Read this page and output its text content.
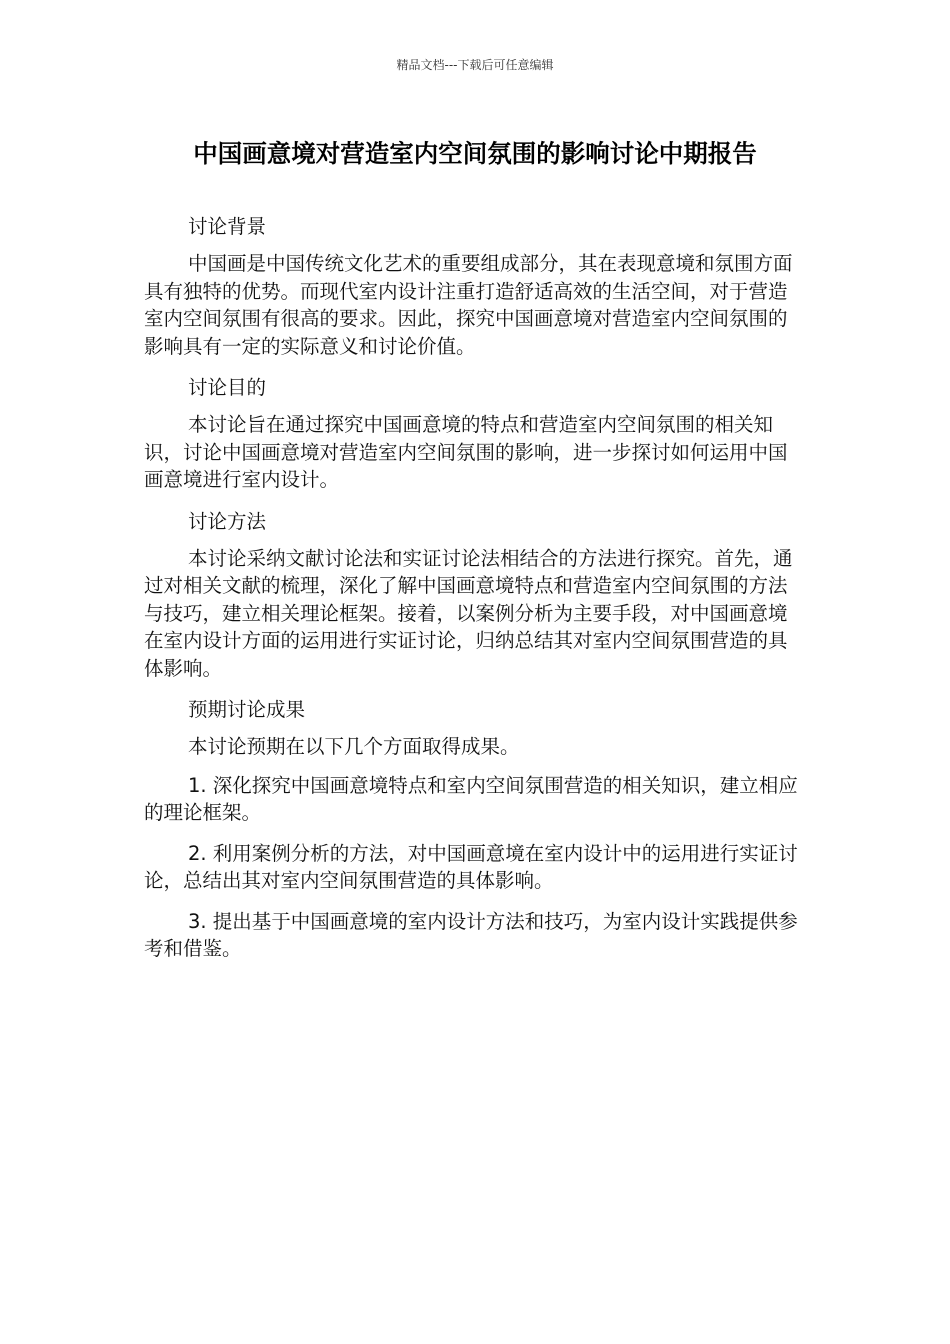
精品文档---下载后可任意编辑
中国画意境对营造室内空间氛围的影响讨论中期报告
讨论背景

中国画是中国传统文化艺术的重要组成部分，其在表现意境和氛围方面具有独特的优势。而现代室内设计注重打造舒适高效的生活空间，对于营造室内空间氛围有很高的要求。因此，探究中国画意境对营造室内空间氛围的影响具有一定的实际意义和讨论价值。

讨论目的

本讨论旨在通过探究中国画意境的特点和营造室内空间氛围的相关知识，讨论中国画意境对营造室内空间氛围的影响，进一步探讨如何运用中国画意境进行室内设计。

讨论方法

本讨论采纳文献讨论法和实证讨论法相结合的方法进行探究。首先，通过对相关文献的梳理，深化了解中国画意境特点和营造室内空间氛围的方法与技巧，建立相关理论框架。接着，以案例分析为主要手段，对中国画意境在室内设计方面的运用进行实证讨论，归纳总结其对室内空间氛围营造的具体影响。

预期讨论成果

本讨论预期在以下几个方面取得成果。

1. 深化探究中国画意境特点和室内空间氛围营造的相关知识，建立相应的理论框架。

2. 利用案例分析的方法，对中国画意境在室内设计中的运用进行实证讨论，总结出其对室内空间氛围营造的具体影响。

3. 提出基于中国画意境的室内设计方法和技巧，为室内设计实践提供参考和借鉴。
